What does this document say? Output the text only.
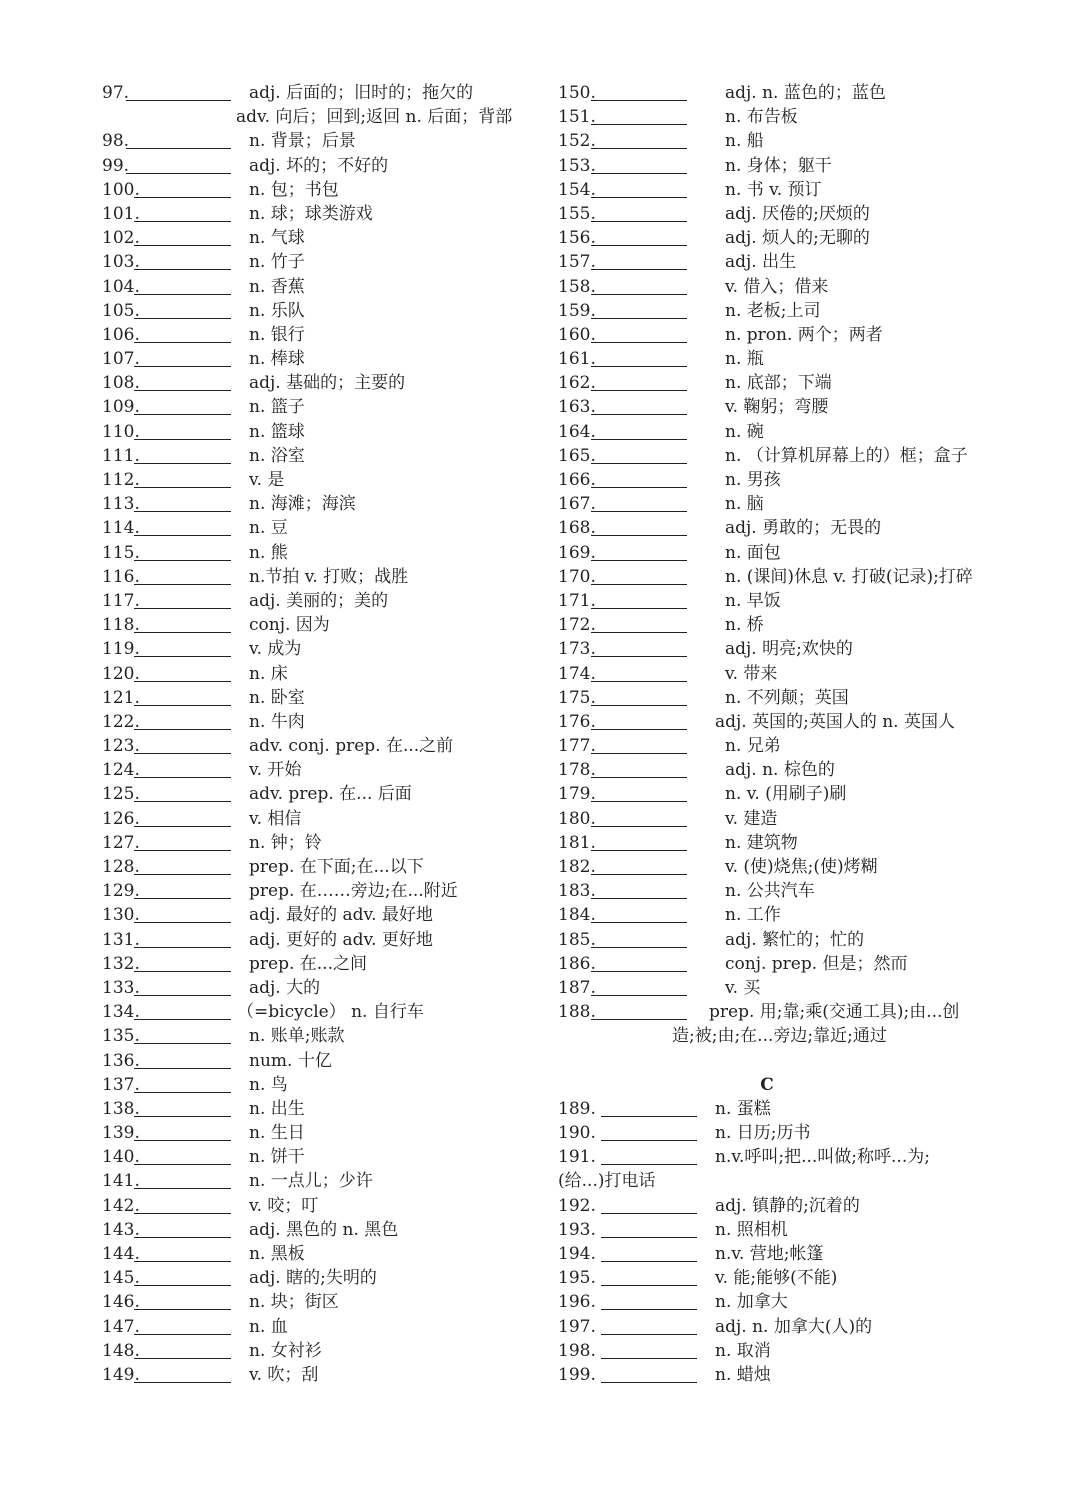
97.	adj. 后面的；旧时的；拖欠的
adv. 向后；回到;返回 n. 后面；背部
98.	n. 背景；后景
99.	adj. 坏的；不好的
100.	n. 包；书包
101.	n. 球；球类游戏
102.	n. 气球
103.	n. 竹子
104.	n. 香蕉
105.	n. 乐队
106.	n. 银行
107.	n. 棒球
108.	adj. 基础的；主要的
109.	n. 篮子
110.	n. 篮球
111.	n. 浴室
112.	v. 是
113.	n. 海滩；海滨
114.	n. 豆
115.	n. 熊
116.	n.节拍 v. 打败；战胜
117.	adj. 美丽的；美的
118.	conj. 因为
119.	v. 成为
120.	n. 床
121.	n. 卧室
122.	n. 牛肉
123.	adv. conj. prep. 在...之前
124.	v. 开始
125.	adv. prep. 在... 后面
126.	v. 相信
127.	n. 钟；铃
128.	prep. 在下面;在...以下
129.	prep. 在……旁边;在...附近
130.	adj. 最好的 adv. 最好地
131.	adj. 更好的 adv. 更好地
132.	prep. 在...之间
133.	adj. 大的
134.	（=bicycle） n. 自行车
135.	n. 账单;账款
136.	num. 十亿
137.	n. 鸟
138.	n. 出生
139.	n. 生日
140.	n. 饼干
141.	n. 一点儿；少许
142.	v. 咬；叮
143.	adj. 黑色的 n. 黑色
144.	n. 黑板
145.	adj. 瞎的;失明的
146.	n. 块；街区
147.	n. 血
148.	n. 女衬衫
149.	v. 吹；刮
150.	adj. n. 蓝色的；蓝色
151.	n. 布告板
152.	n. 船
153.	n. 身体；躯干
154.	n. 书 v. 预订
155.	adj. 厌倦的;厌烦的
156.	adj. 烦人的;无聊的
157.	adj. 出生
158.	v. 借入；借来
159.	n. 老板;上司
160.	n. pron. 两个；两者
161.	n. 瓶
162.	n. 底部；下端
163.	v. 鞠躬；弯腰
164.	n. 碗
165.	n. （计算机屏幕上的）框；盒子
166.	n. 男孩
167.	n. 脑
168.	adj. 勇敢的；无畏的
169.	n. 面包
170.	n. (课间)休息 v. 打破(记录);打碎
171.	n. 早饭
172.	n. 桥
173.	adj. 明亮;欢快的
174.	v. 带来
175.	n. 不列颠；英国
176.	adj. 英国的;英国人的 n. 英国人
177.	n. 兄弟
178.	adj. n. 棕色的
179.	n. v. (用刷子)刷
180.	v. 建造
181.	n. 建筑物
182.	v. (使)烧焦;(使)烤糊
183.	n. 公共汽车
184.	n. 工作
185.	adj. 繁忙的；忙的
186.	conj. prep. 但是；然而
187.	v. 买
188.	prep. 用;靠;乘(交通工具);由...创
造;被;由;在...旁边;靠近;通过
C
189.	n. 蛋糕
190.	n. 日历;历书
191.	n.v.呼叫;把...叫做;称呼...为;
(给...)打电话
192.	adj. 镇静的;沉着的
193.	n. 照相机
194.	n.v. 营地;帐篷
195.	v. 能;能够(不能)
196.	n. 加拿大
197.	adj. n. 加拿大(人)的
198.	n. 取消
199.	n. 蜡烛
